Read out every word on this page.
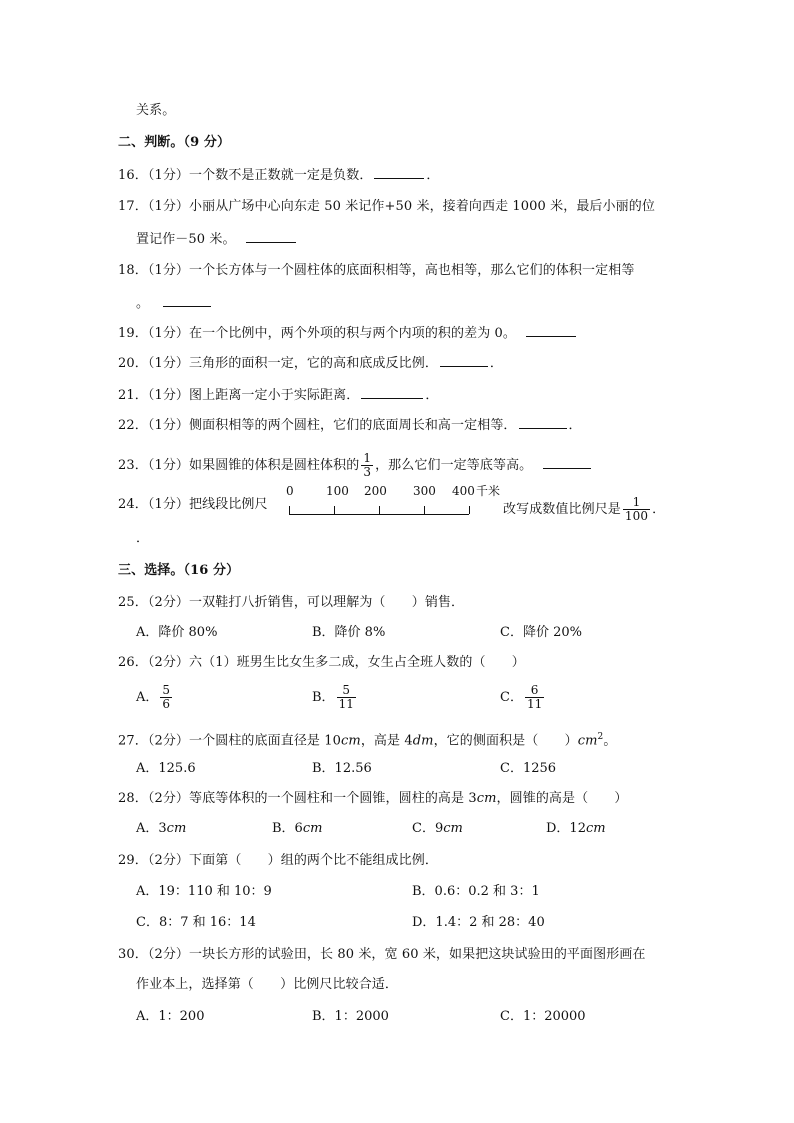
关系。
二、判断。（9 分）
16．（1分）一个数不是正数就一定是负数．	．
17．（1分）小丽从广场中心向东走 50 米记作+50 米，接着向西走 1000 米，最后小丽的位
置记作－50 米。
18．（1分）一个长方体与一个圆柱体的底面积相等，高也相等，那么它们的体积一定相等
。
19．（1分）在一个比例中，两个外项的积与两个内项的积的差为 0。
20．（1分）三角形的面积一定，它的高和底成反比例．	．
21．（1分）图上距离一定小于实际距离．	．
22．（1分）侧面积相等的两个圆柱，它们的底面周长和高一定相等．	．
23．（1分）如果圆锥的体积是圆柱体积的 $\frac{1}{3}$ ，那么它们一定等底等高。
24．（1分）把线段比例尺
0	100 200 300 400 千米
改写成数值比例尺是 $\frac{1}{100}$ ．
．
三、选择。（16 分）
25．（2分）一双鞋打八折销售，可以理解为（　　）销售．
A．降价 80%	B．降价 8%	C．降价 20%
26．（2分）六（1）班男生比女生多二成，女生占全班人数的（　　）
A． $\frac{5}{6}$	B． $\frac{5}{11}$	C． $\frac{6}{11}$
27．（2分）一个圆柱的底面直径是 10cm，高是 4dm，它的侧面积是（　　）$cm^2$。
A．125.6	B．12.56	C．1256
28．（2分）等底等体积的一个圆柱和一个圆锥，圆柱的高是 3cm，圆锥的高是（　　）
A．3cm	B．6cm	C．9cm	D．12cm
29．（2分）下面第（　　）组的两个比不能组成比例．
A．19：110 和 10：9	B．0.6：0.2 和 3：1
C．8：7 和 16：14	D．1.4：2 和 28：40
30．（2分）一块长方形的试验田，长 80 米，宽 60 米，如果把这块试验田的平面图形画在
作业本上，选择第（　　）比例尺比较合适．
A．1：200	B．1：2000	C．1：20000
